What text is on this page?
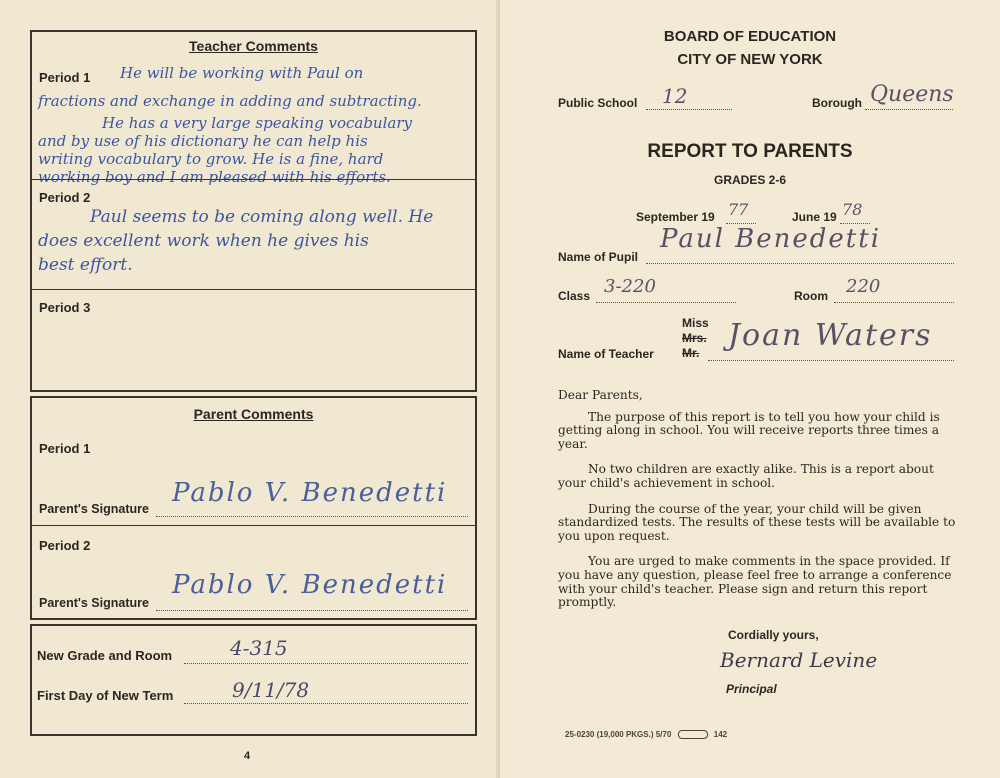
Teacher Comments
Period 1 He will be working with Paul on
fractions and exchange in adding and subtracting.
He has a very large speaking vocabulary
and by use of his dictionary he can help his
writing vocabulary to grow. He is a fine, hard
working boy and I am pleased with his efforts.
Period 2
Paul seems to be coming along well. He
does excellent work when he gives his
best effort.
Period 3
Parent Comments
Period 1
Parent's Signature
Pablo V. Benedetti
Period 2
Parent's Signature
Pablo V. Benedetti
New Grade and Room	4-315
First Day of New Term	9/11/78
4
BOARD OF EDUCATION
CITY OF NEW YORK
Public School 12	Borough Queens
REPORT TO PARENTS
GRADES 2-6
September 19 77	June 19 78
Name of Pupil
Paul Benedetti
Class 3-220	Room 220
Miss
Mrs.
Mr.
Name of Teacher
Joan Waters
Dear Parents,

The purpose of this report is to tell you how your child is getting along in school. You will receive reports three times a year.

No two children are exactly alike. This is a report about your child's achievement in school.

During the course of the year, your child will be given standardized tests. The results of these tests will be available to you upon request.

You are urged to make comments in the space provided. If you have any question, please feel free to arrange a conference with your child's teacher. Please sign and return this report promptly.

Cordially yours,
Bernard Levine
Principal
25-0230 (19,000 PKGS.) 5/70	142
